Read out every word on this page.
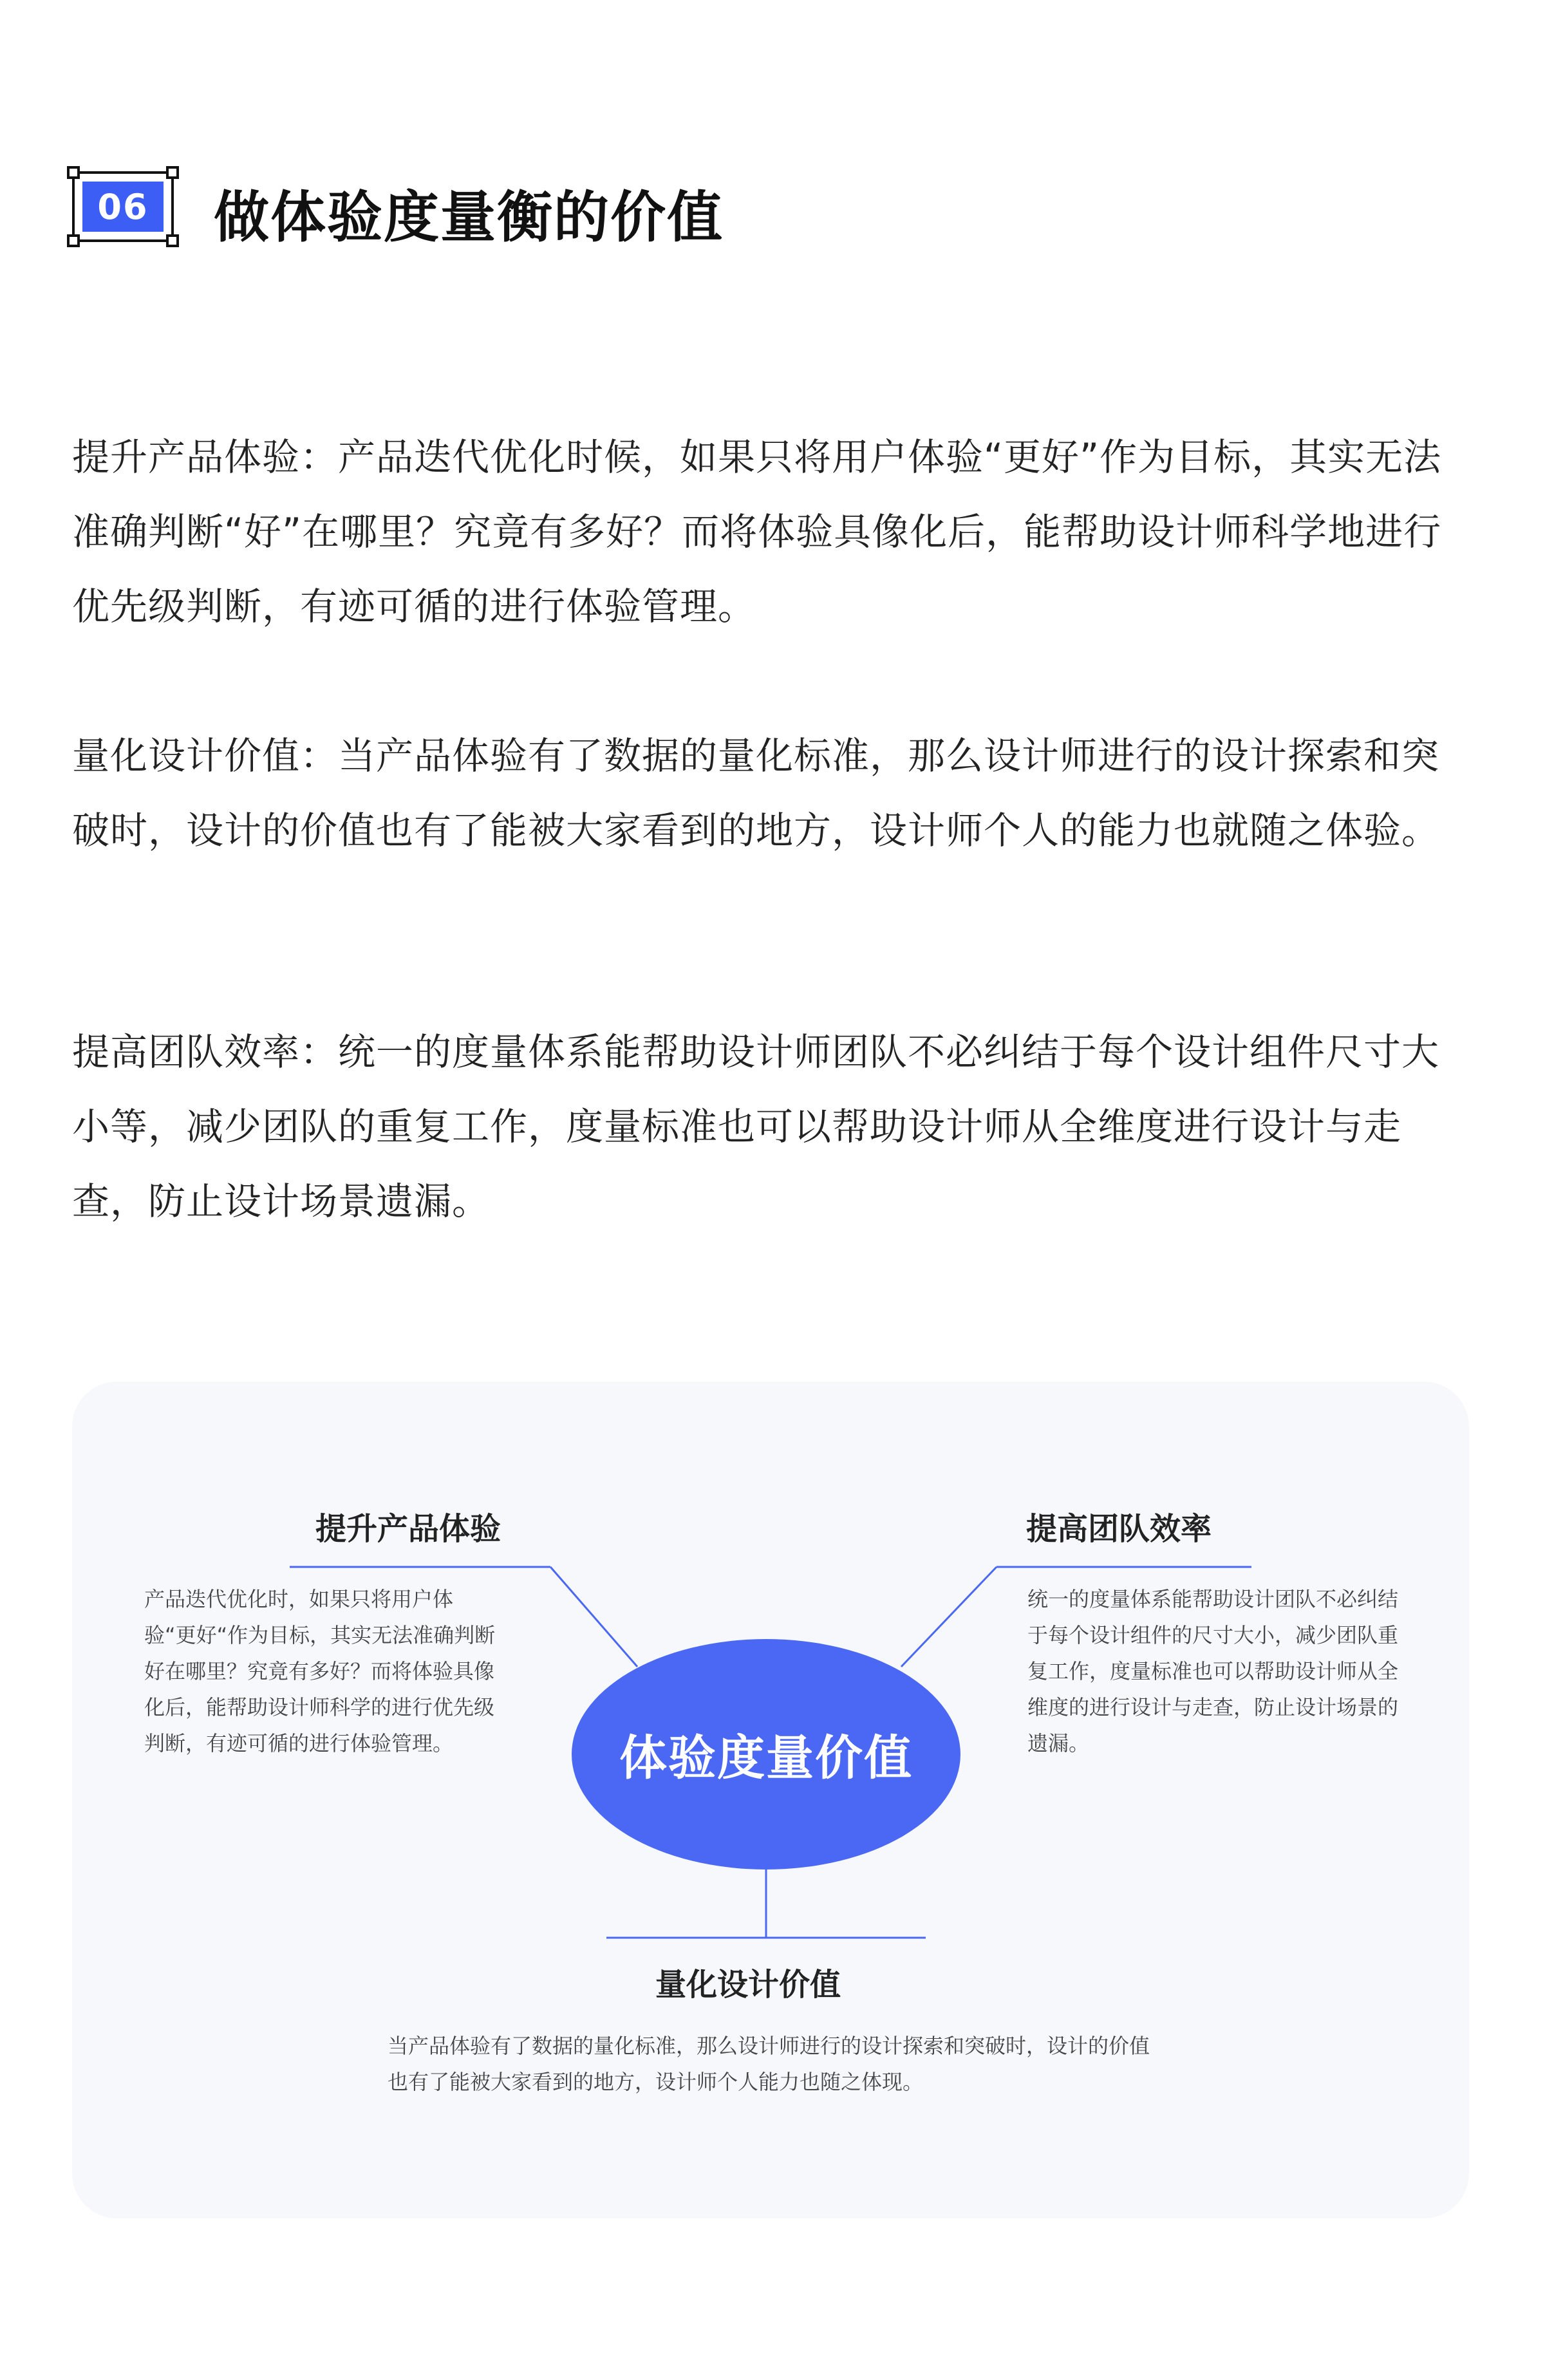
06 做体验度量衡的价值

提升产品体验：产品迭代优化时候，如果只将用户体验“更好”作为目标，其实无法准确判断“好”在哪里？究竟有多好？而将体验具像化后，能帮助设计师科学地进行优先级判断，有迹可循的进行体验管理。

量化设计价值：当产品体验有了数据的量化标准，那么设计师进行的设计探索和突破时，设计的价值也有了能被大家看到的地方，设计师个人的能力也就随之体验。

提高团队效率：统一的度量体系能帮助设计师团队不必纠结于每个设计组件尺寸大小等，减少团队的重复工作，度量标准也可以帮助设计师从全维度进行设计与走查，防止设计场景遗漏。

体验度量价值
提升产品体验

产品迭代优化时，如果只将用户体验“更好“作为目标，其实无法准确判断好在哪里？究竟有多好？而将体验具像化后，能帮助设计师科学的进行优先级判断，有迹可循的进行体验管理。

提高团队效率

统一的度量体系能帮助设计团队不必纠结于每个设计组件的尺寸大小，减少团队重复工作，度量标准也可以帮助设计师从全维度的进行设计与走查，防止设计场景的遗漏。

量化设计价值

当产品体验有了数据的量化标准，那么设计师进行的设计探索和突破时，设计的价值也有了能被大家看到的地方，设计师个人能力也随之体现。
